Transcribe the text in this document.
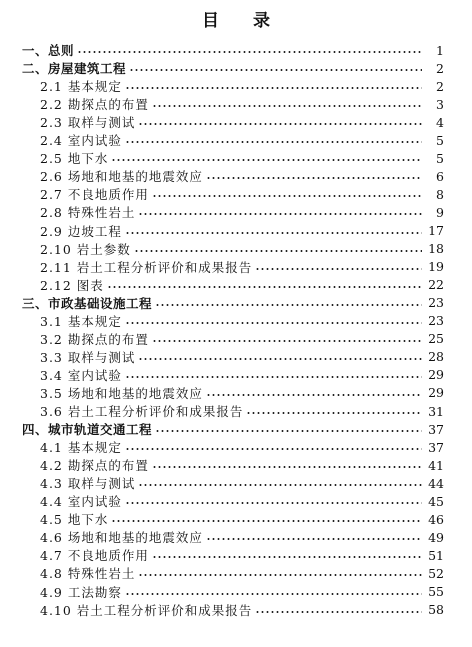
目 录
一、总则	1
二、房屋建筑工程	2
2.1 基本规定	2
2.2 勘探点的布置	3
2.3 取样与测试	4
2.4 室内试验	5
2.5 地下水	5
2.6 场地和地基的地震效应	6
2.7 不良地质作用	8
2.8 特殊性岩土	9
2.9 边坡工程	17
2.10 岩土参数	18
2.11 岩土工程分析评价和成果报告	19
2.12 图表	22
三、市政基础设施工程	23
3.1 基本规定	23
3.2 勘探点的布置	25
3.3 取样与测试	28
3.4 室内试验	29
3.5 场地和地基的地震效应	29
3.6 岩土工程分析评价和成果报告	31
四、城市轨道交通工程	37
4.1 基本规定	37
4.2 勘探点的布置	41
4.3 取样与测试	44
4.4 室内试验	45
4.5 地下水	46
4.6 场地和地基的地震效应	49
4.7 不良地质作用	51
4.8 特殊性岩土	52
4.9 工法勘察	55
4.10 岩土工程分析评价和成果报告	58
